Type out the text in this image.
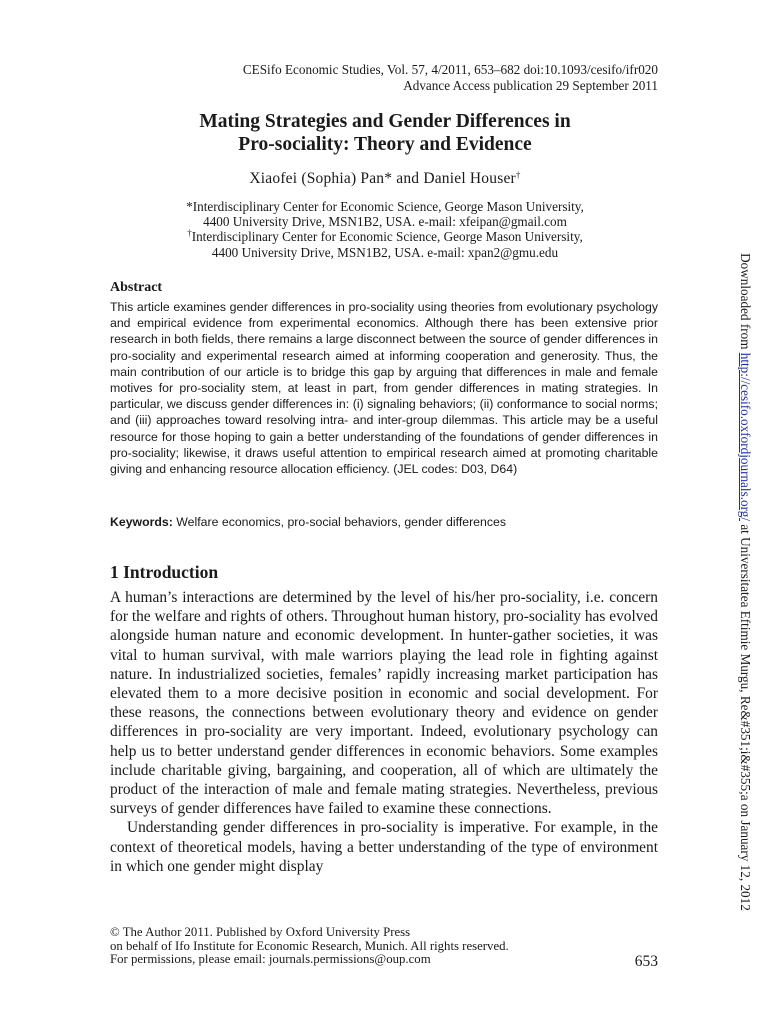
CESifo Economic Studies, Vol. 57, 4/2011, 653–682 doi:10.1093/cesifo/ifr020
Advance Access publication 29 September 2011
Mating Strategies and Gender Differences in
Pro-sociality: Theory and Evidence
Xiaofei (Sophia) Pan* and Daniel Houser†
*Interdisciplinary Center for Economic Science, George Mason University,
4400 University Drive, MSN1B2, USA. e-mail: xfeipan@gmail.com
†Interdisciplinary Center for Economic Science, George Mason University,
4400 University Drive, MSN1B2, USA. e-mail: xpan2@gmu.edu
Abstract
This article examines gender differences in pro-sociality using theories from evolutionary psychology and empirical evidence from experimental economics. Although there has been extensive prior research in both fields, there remains a large disconnect between the source of gender differences in pro-sociality and experimental research aimed at informing cooperation and generosity. Thus, the main contribution of our article is to bridge this gap by arguing that differences in male and female motives for pro-sociality stem, at least in part, from gender differences in mating strategies. In particular, we discuss gender differences in: (i) signaling behaviors; (ii) conformance to social norms; and (iii) approaches toward resolving intra- and inter-group dilemmas. This article may be a useful resource for those hoping to gain a better understanding of the foundations of gender differences in pro-sociality; likewise, it draws useful attention to empirical research aimed at promoting charitable giving and enhancing resource allocation efficiency. (JEL codes: D03, D64)
Keywords: Welfare economics, pro-social behaviors, gender differences
1 Introduction

A human’s interactions are determined by the level of his/her pro-sociality, i.e. concern for the welfare and rights of others. Throughout human history, pro-sociality has evolved alongside human nature and economic development. In hunter-gather societies, it was vital to human survival, with male warriors playing the lead role in fighting against nature. In industrialized societies, females’ rapidly increasing market participation has elevated them to a more decisive position in economic and social development. For these reasons, the connections between evolutionary theory and evidence on gender differences in pro-sociality are very important. Indeed, evolutionary psychology can help us to better understand gender differences in economic behaviors. Some examples include charitable giving, bargaining, and cooperation, all of which are ultimately the product of the interaction of male and female mating strategies. Nevertheless, previous surveys of gender differences have failed to examine these connections.

Understanding gender differences in pro-sociality is imperative. For example, in the context of theoretical models, having a better understanding of the type of environment in which one gender might display

© The Author 2011. Published by Oxford University Press
on behalf of Ifo Institute for Economic Research, Munich. All rights reserved.
For permissions, please email: journals.permissions@oup.com	653
Downloaded from http://cesifo.oxfordjournals.org/ at Universitatea Eftimie Murgu, Re&#351;i&#355;a on January 12, 2012
